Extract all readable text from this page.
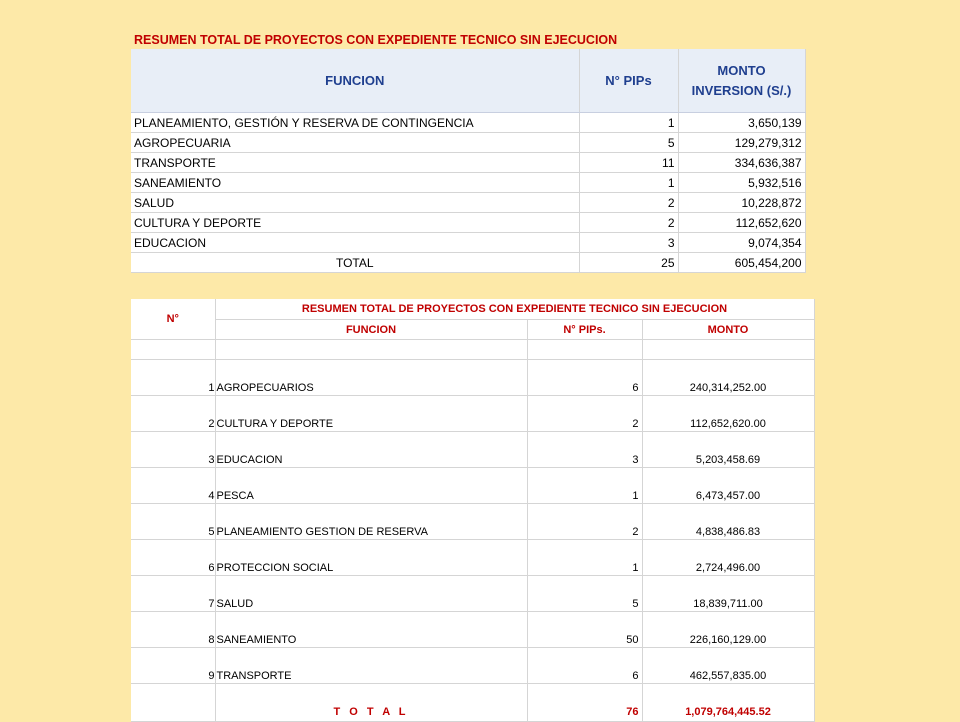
RESUMEN TOTAL DE PROYECTOS CON EXPEDIENTE TECNICO SIN EJECUCION
FUNCION	N° PIPs	MONTO INVERSION (S/.)
PLANEAMIENTO, GESTIÓN Y RESERVA DE CONTINGENCIA	1	3,650,139
AGROPECUARIA	5	129,279,312
TRANSPORTE	11	334,636,387
SANEAMIENTO	1	5,932,516
SALUD	2	10,228,872
CULTURA Y DEPORTE	2	112,652,620
EDUCACION	3	9,074,354
TOTAL	25	605,454,200
N°	RESUMEN TOTAL DE PROYECTOS CON EXPEDIENTE TECNICO SIN EJECUCION		
	FUNCION	N° PIPs.	MONTO

1	AGROPECUARIOS	6	240,314,252.00
2	CULTURA Y DEPORTE	2	112,652,620.00
3	EDUCACION	3	5,203,458.69
4	PESCA	1	6,473,457.00
5	PLANEAMIENTO GESTION DE RESERVA	2	4,838,486.83
6	PROTECCION SOCIAL	1	2,724,496.00
7	SALUD	5	18,839,711.00
8	SANEAMIENTO	50	226,160,129.00
9	TRANSPORTE	6	462,557,835.00
	T O T A L	76	1,079,764,445.52
